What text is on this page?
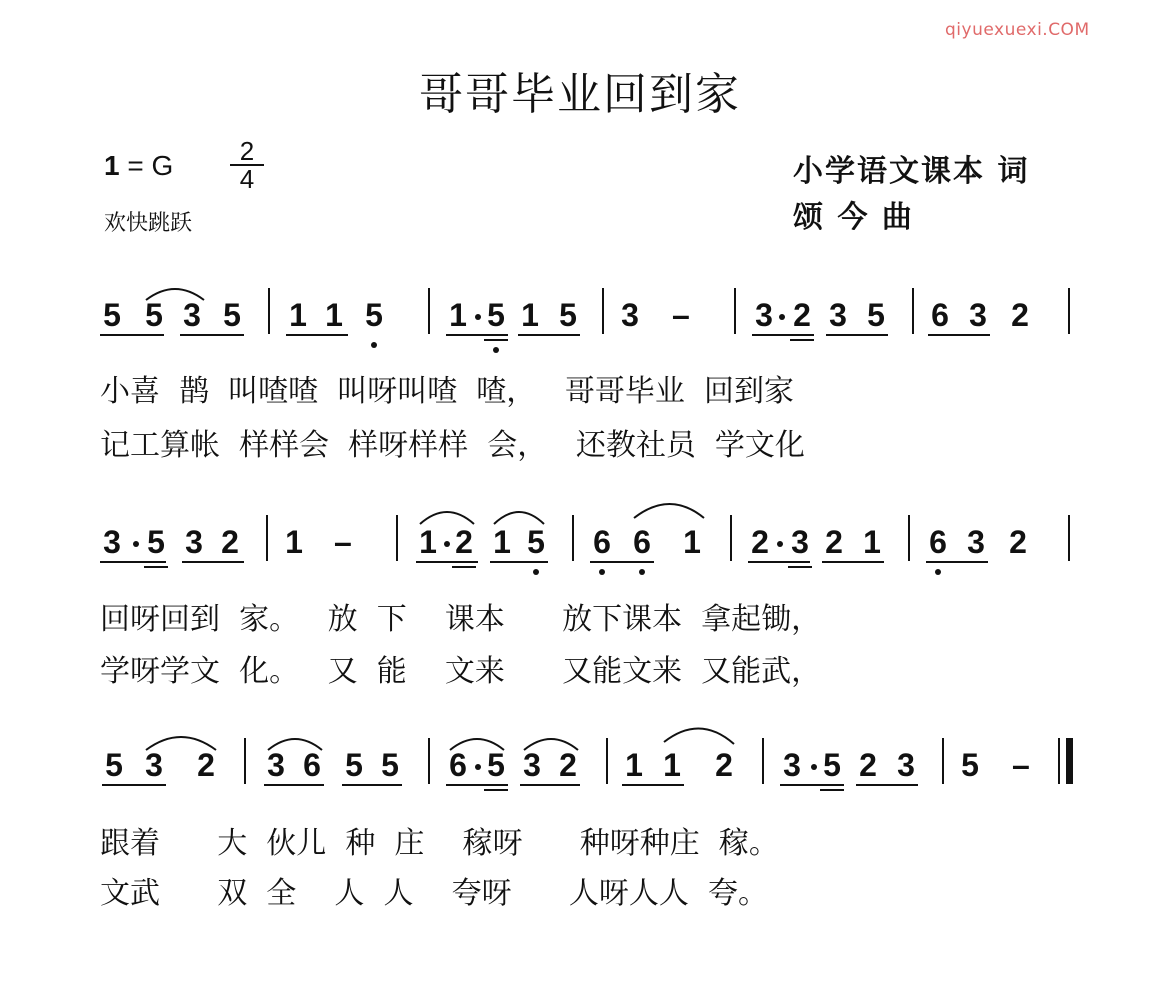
qiyuexuexi.COM
哥哥毕业回到家
1 = G	2
4
欢快跳跃
小学语文课本 词
颂 今 曲
5 5 3 5 1 1 5 1 5 1 5 3 – 3 2 3 5 6 3 2
小喜  鹊  叫喳喳  叫呀叫喳  喳，   哥哥毕业  回到家
记工算帐  样样会  样呀样样  会，   还教社员  学文化
3 5 3 2 1 – 1 2 1 5 6 6 1 2 3 2 1 6 3 2
回呀回到  家。   放  下    课本      放下课本  拿起锄，
学呀学文  化。   又  能    文来      又能文来  又能武，
5 3 2 3 6 5 5 6 5 3 2 1 1 2 3 5 2 3 5 –
跟着      大  伙儿  种  庄    稼呀      种呀种庄  稼。
文武      双  全    人  人    夸呀      人呀人人  夸。
